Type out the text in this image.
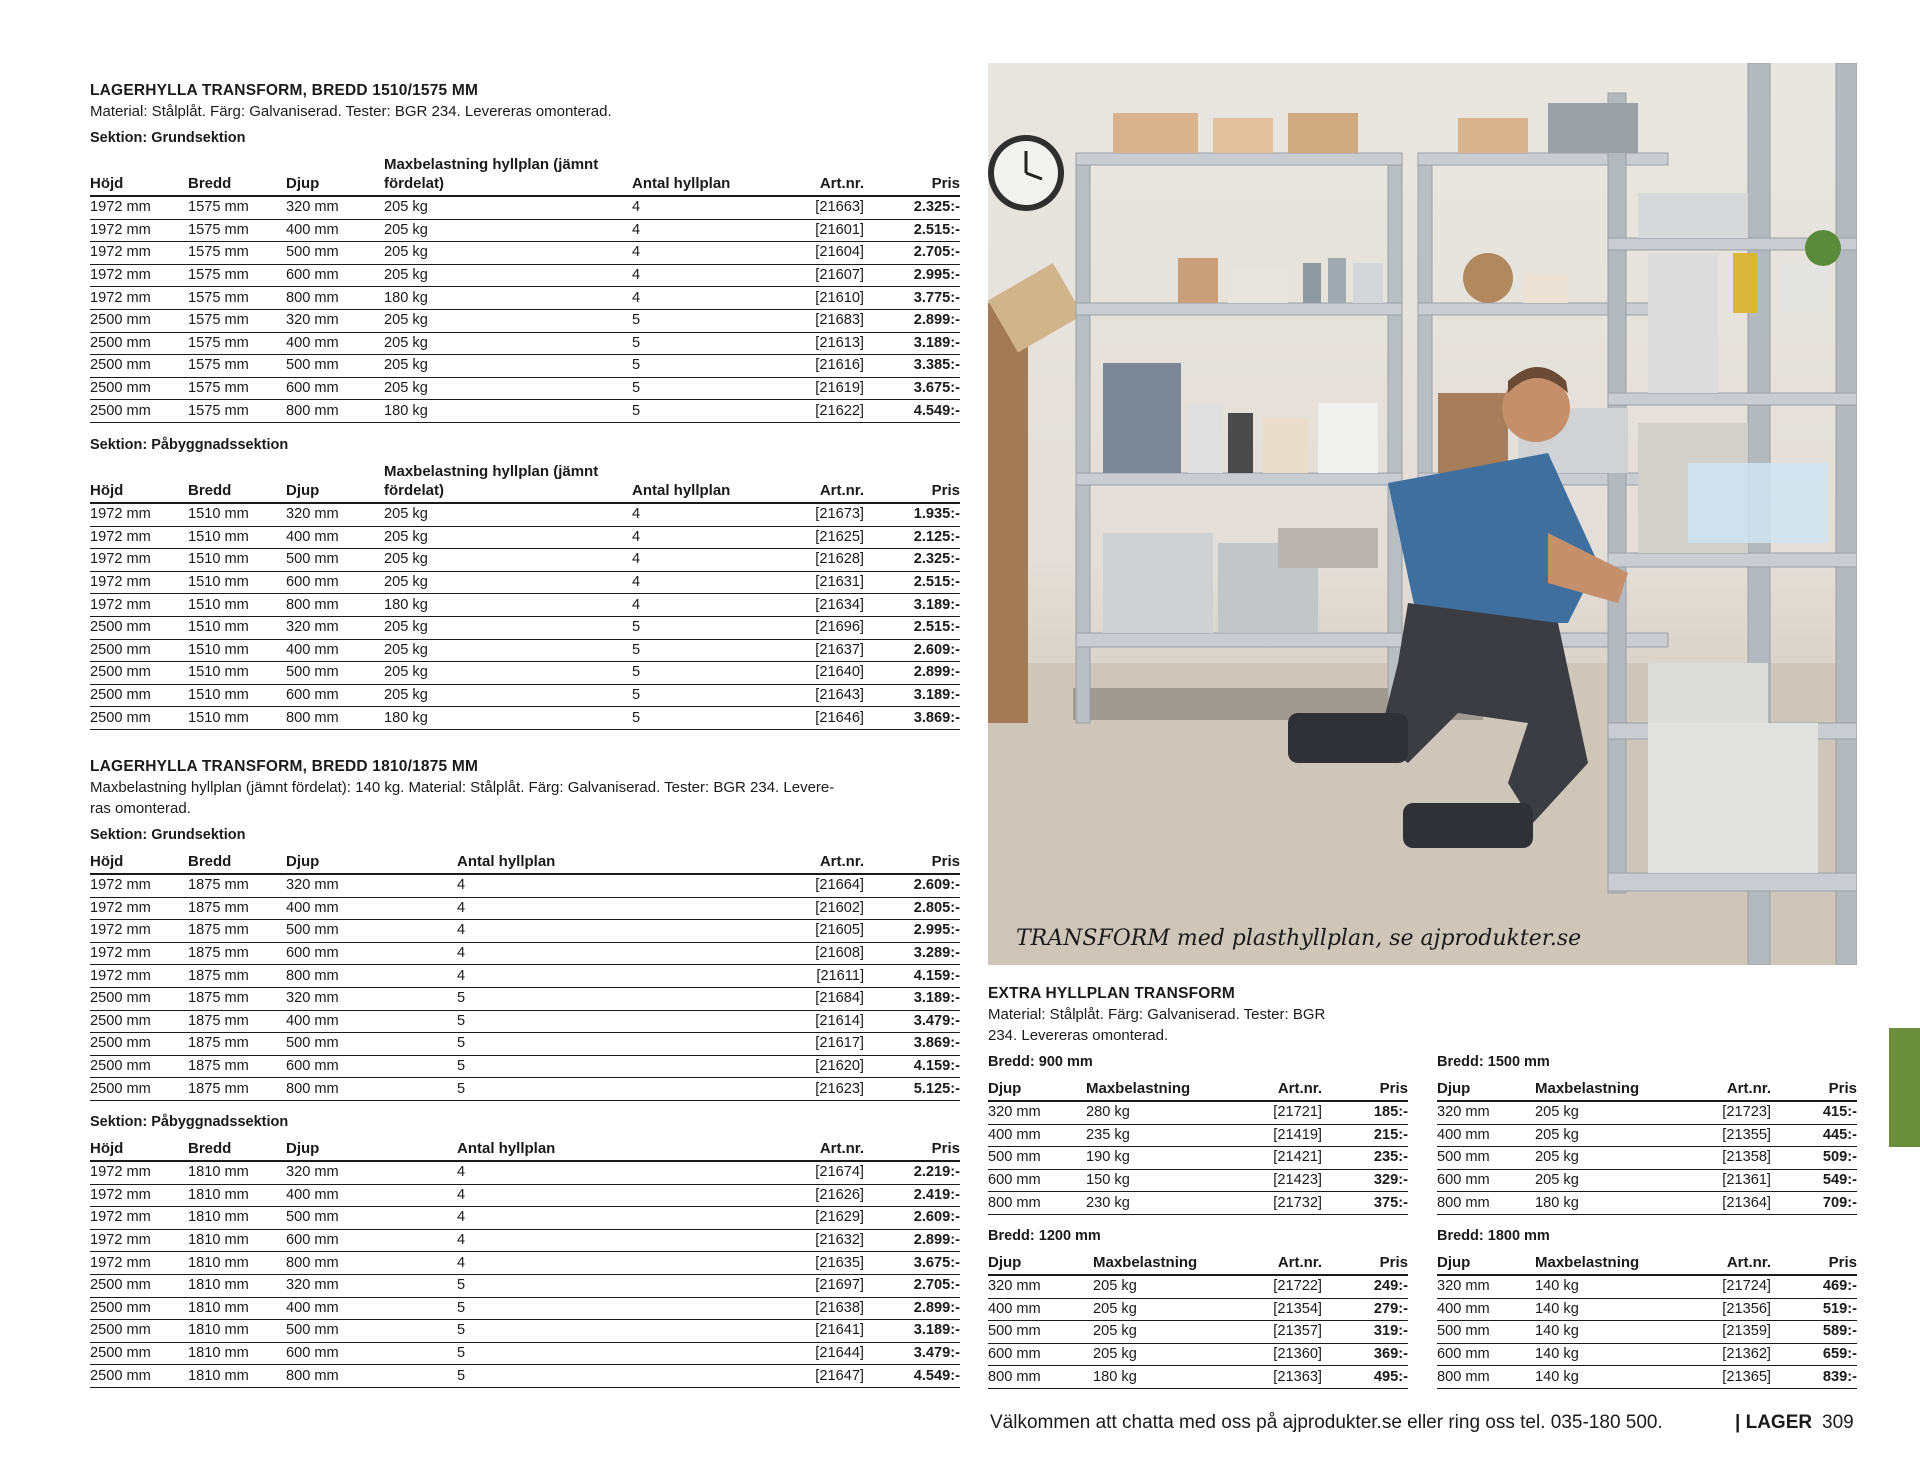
LAGERHYLLA TRANSFORM, BREDD 1510/1575 MM
Material: Stålplåt. Färg: Galvaniserad. Tester: BGR 234. Levereras omonterad.
Sektion: Grundsektion
Höjd	Bredd	Djup	Maxbelastning hyllplan (jämnt fördelat)	Antal hyllplan	Art.nr.	Pris
1972 mm	1575 mm	320 mm	205 kg	4	[21663]	2.325:-
1972 mm	1575 mm	400 mm	205 kg	4	[21601]	2.515:-
1972 mm	1575 mm	500 mm	205 kg	4	[21604]	2.705:-
1972 mm	1575 mm	600 mm	205 kg	4	[21607]	2.995:-
1972 mm	1575 mm	800 mm	180 kg	4	[21610]	3.775:-
2500 mm	1575 mm	320 mm	205 kg	5	[21683]	2.899:-
2500 mm	1575 mm	400 mm	205 kg	5	[21613]	3.189:-
2500 mm	1575 mm	500 mm	205 kg	5	[21616]	3.385:-
2500 mm	1575 mm	600 mm	205 kg	5	[21619]	3.675:-
2500 mm	1575 mm	800 mm	180 kg	5	[21622]	4.549:-
Sektion: Påbyggnadssektion
Höjd	Bredd	Djup	Maxbelastning hyllplan (jämnt fördelat)	Antal hyllplan	Art.nr.	Pris
1972 mm	1510 mm	320 mm	205 kg	4	[21673]	1.935:-
1972 mm	1510 mm	400 mm	205 kg	4	[21625]	2.125:-
1972 mm	1510 mm	500 mm	205 kg	4	[21628]	2.325:-
1972 mm	1510 mm	600 mm	205 kg	4	[21631]	2.515:-
1972 mm	1510 mm	800 mm	180 kg	4	[21634]	3.189:-
2500 mm	1510 mm	320 mm	205 kg	5	[21696]	2.515:-
2500 mm	1510 mm	400 mm	205 kg	5	[21637]	2.609:-
2500 mm	1510 mm	500 mm	205 kg	5	[21640]	2.899:-
2500 mm	1510 mm	600 mm	205 kg	5	[21643]	3.189:-
2500 mm	1510 mm	800 mm	180 kg	5	[21646]	3.869:-
LAGERHYLLA TRANSFORM, BREDD 1810/1875 MM
Maxbelastning hyllplan (jämnt fördelat): 140 kg. Material: Stålplåt. Färg: Galvaniserad. Tester: BGR 234. Levere-
ras omonterad.
Sektion: Grundsektion
Höjd	Bredd	Djup	Antal hyllplan	Art.nr.	Pris
1972 mm	1875 mm	320 mm	4	[21664]	2.609:-
1972 mm	1875 mm	400 mm	4	[21602]	2.805:-
1972 mm	1875 mm	500 mm	4	[21605]	2.995:-
1972 mm	1875 mm	600 mm	4	[21608]	3.289:-
1972 mm	1875 mm	800 mm	4	[21611]	4.159:-
2500 mm	1875 mm	320 mm	5	[21684]	3.189:-
2500 mm	1875 mm	400 mm	5	[21614]	3.479:-
2500 mm	1875 mm	500 mm	5	[21617]	3.869:-
2500 mm	1875 mm	600 mm	5	[21620]	4.159:-
2500 mm	1875 mm	800 mm	5	[21623]	5.125:-
Sektion: Påbyggnadssektion
Höjd	Bredd	Djup	Antal hyllplan	Art.nr.	Pris
1972 mm	1810 mm	320 mm	4	[21674]	2.219:-
1972 mm	1810 mm	400 mm	4	[21626]	2.419:-
1972 mm	1810 mm	500 mm	4	[21629]	2.609:-
1972 mm	1810 mm	600 mm	4	[21632]	2.899:-
1972 mm	1810 mm	800 mm	4	[21635]	3.675:-
2500 mm	1810 mm	320 mm	5	[21697]	2.705:-
2500 mm	1810 mm	400 mm	5	[21638]	2.899:-
2500 mm	1810 mm	500 mm	5	[21641]	3.189:-
2500 mm	1810 mm	600 mm	5	[21644]	3.479:-
2500 mm	1810 mm	800 mm	5	[21647]	4.549:-
TRANSFORM med plasthyllplan, se ajprodukter.se
EXTRA HYLLPLAN TRANSFORM
Material: Stålplåt. Färg: Galvaniserad. Tester: BGR
234. Levereras omonterad.
Bredd: 900 mm
Djup	Maxbelastning	Art.nr.	Pris
320 mm	280 kg	[21721]	185:-
400 mm	235 kg	[21419]	215:-
500 mm	190 kg	[21421]	235:-
600 mm	150 kg	[21423]	329:-
800 mm	230 kg	[21732]	375:-
Bredd: 1500 mm
Djup	Maxbelastning	Art.nr.	Pris
320 mm	205 kg	[21723]	415:-
400 mm	205 kg	[21355]	445:-
500 mm	205 kg	[21358]	509:-
600 mm	205 kg	[21361]	549:-
800 mm	180 kg	[21364]	709:-
Bredd: 1200 mm
Djup	Maxbelastning	Art.nr.	Pris
320 mm	205 kg	[21722]	249:-
400 mm	205 kg	[21354]	279:-
500 mm	205 kg	[21357]	319:-
600 mm	205 kg	[21360]	369:-
800 mm	180 kg	[21363]	495:-
Bredd: 1800 mm
Djup	Maxbelastning	Art.nr.	Pris
320 mm	140 kg	[21724]	469:-
400 mm	140 kg	[21356]	519:-
500 mm	140 kg	[21359]	589:-
600 mm	140 kg	[21362]	659:-
800 mm	140 kg	[21365]	839:-
Välkommen att chatta med oss på ajprodukter.se eller ring oss tel. 035-180 500.	| LAGER 309
